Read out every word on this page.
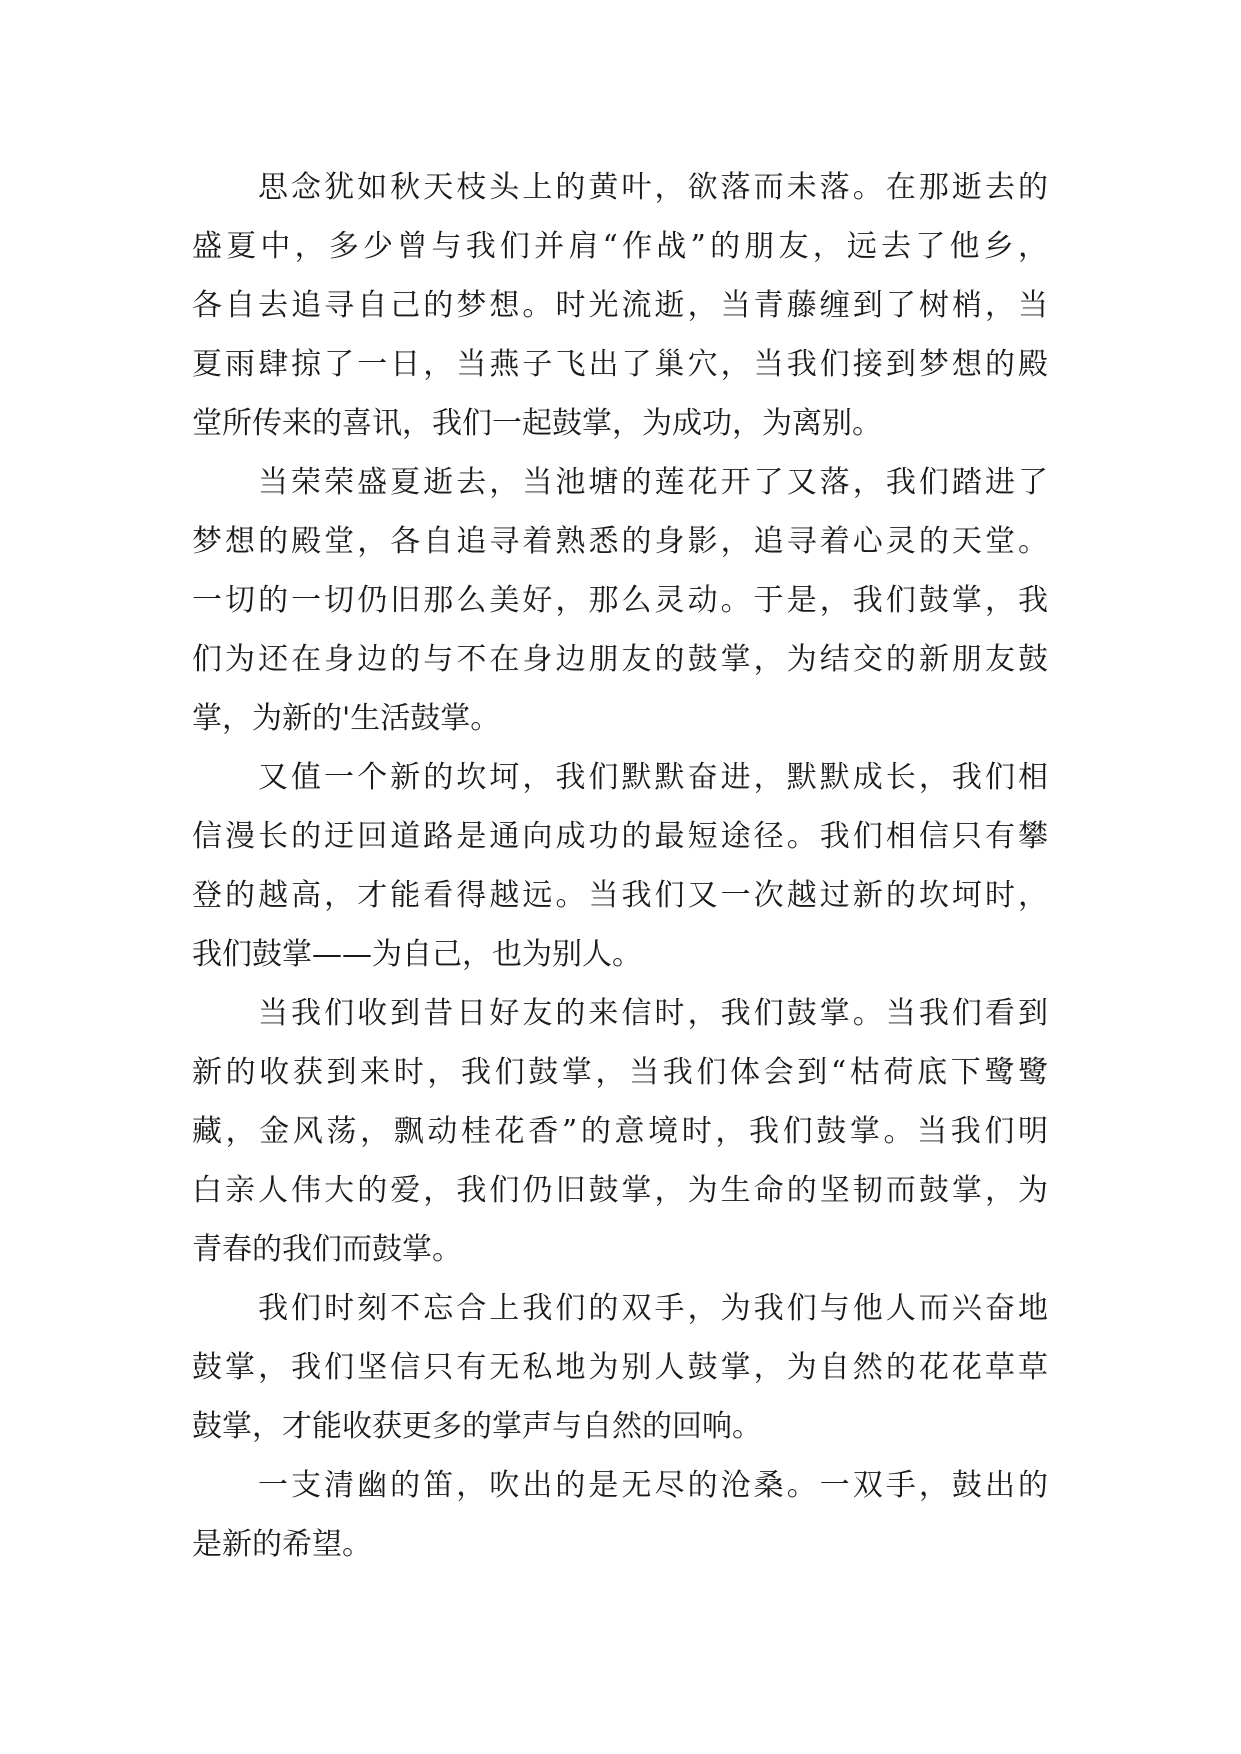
思念犹如秋天枝头上的黄叶，欲落而未落。在那逝去的
盛夏中，多少曾与我们并肩“作战”的朋友，远去了他乡，
各自去追寻自己的梦想。时光流逝，当青藤缠到了树梢，当
夏雨肆掠了一日，当燕子飞出了巢穴，当我们接到梦想的殿
堂所传来的喜讯，我们一起鼓掌，为成功，为离别。
当荣荣盛夏逝去，当池塘的莲花开了又落，我们踏进了
梦想的殿堂，各自追寻着熟悉的身影，追寻着心灵的天堂。
一切的一切仍旧那么美好，那么灵动。于是，我们鼓掌，我
们为还在身边的与不在身边朋友的鼓掌，为结交的新朋友鼓
掌，为新的'生活鼓掌。
又值一个新的坎坷，我们默默奋进，默默成长，我们相
信漫长的迂回道路是通向成功的最短途径。我们相信只有攀
登的越高，才能看得越远。当我们又一次越过新的坎坷时，
我们鼓掌——为自己，也为别人。
当我们收到昔日好友的来信时，我们鼓掌。当我们看到
新的收获到来时，我们鼓掌，当我们体会到“枯荷底下鹭鹭
藏，金风荡，飘动桂花香”的意境时，我们鼓掌。当我们明
白亲人伟大的爱，我们仍旧鼓掌，为生命的坚韧而鼓掌，为
青春的我们而鼓掌。
我们时刻不忘合上我们的双手，为我们与他人而兴奋地
鼓掌，我们坚信只有无私地为别人鼓掌，为自然的花花草草
鼓掌，才能收获更多的掌声与自然的回响。
一支清幽的笛，吹出的是无尽的沧桑。一双手，鼓出的
是新的希望。
